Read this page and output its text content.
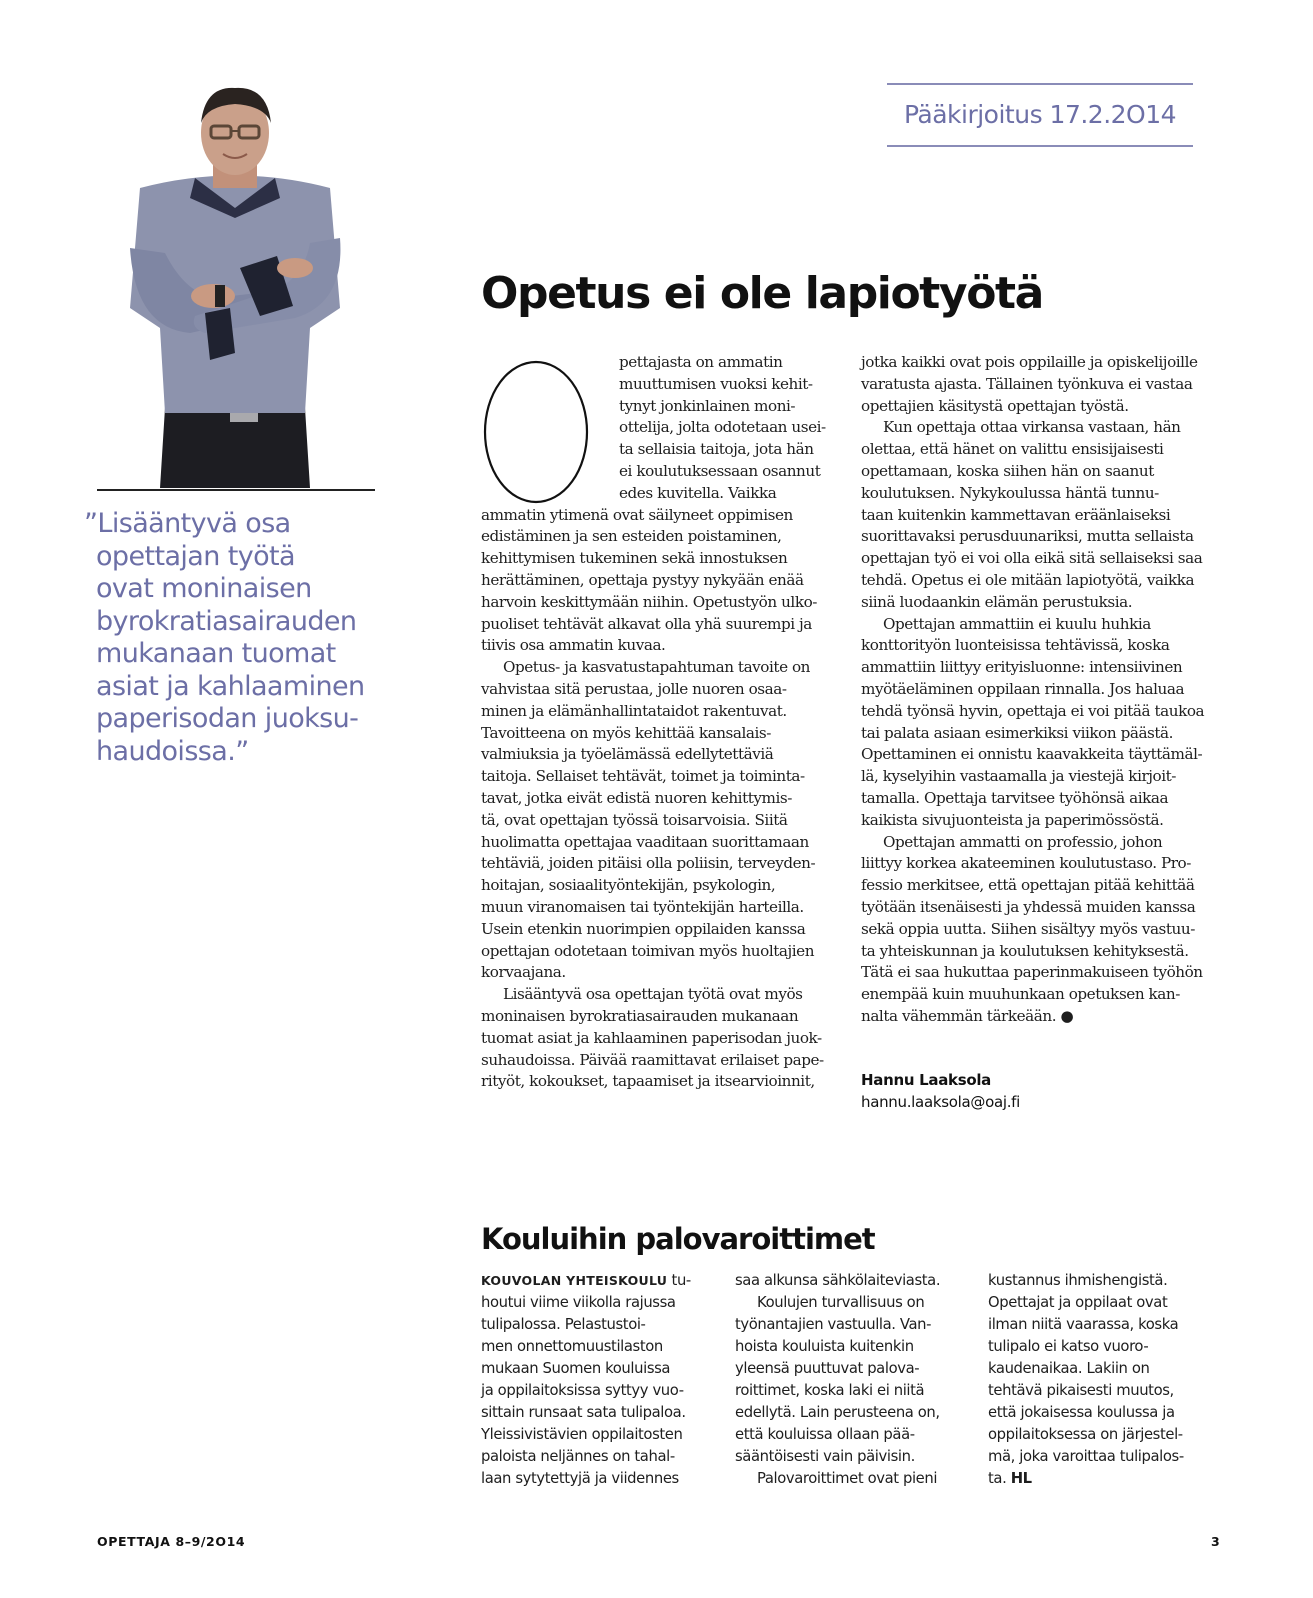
Pääkirjoitus 17.2.2O14
”Lisääntyvä osa
opettajan työtä
ovat moninaisen
byrokratiasairauden
mukanaan tuomat
asiat ja kahlaaminen
paperisodan juoksu-
haudoissa.”
Opetus ei ole lapiotyötä
pettajasta on ammatin
muuttumisen vuoksi kehit-
tynyt jonkinlainen moni-
ottelija, jolta odotetaan usei-
ta sellaisia taitoja, jota hän
ei koulutuksessaan osannut
edes kuvitella. Vaikka
ammatin ytimenä ovat säilyneet oppimisen
edistäminen ja sen esteiden poistaminen,
kehittymisen tukeminen sekä innostuksen
herättäminen, opettaja pystyy nykyään enää
harvoin keskittymään niihin. Opetustyön ulko-
puoliset tehtävät alkavat olla yhä suurempi ja
tiivis osa ammatin kuvaa.
Opetus- ja kasvatustapahtuman tavoite on
vahvistaa sitä perustaa, jolle nuoren osaa-
minen ja elämänhallintataidot rakentuvat.
Tavoitteena on myös kehittää kansalais-
valmiuksia ja työelämässä edellytettäviä
taitoja. Sellaiset tehtävät, toimet ja toiminta-
tavat, jotka eivät edistä nuoren kehittymis-
tä, ovat opettajan työssä toisarvoisia. Siitä
huolimatta opettajaa vaaditaan suorittamaan
tehtäviä, joiden pitäisi olla poliisin, terveyden-
hoitajan, sosiaalityöntekijän, psykologin,
muun viranomaisen tai työntekijän harteilla.
Usein etenkin nuorimpien oppilaiden kanssa
opettajan odotetaan toimivan myös huoltajien
korvaajana.
Lisääntyvä osa opettajan työtä ovat myös
moninaisen byrokratiasairauden mukanaan
tuomat asiat ja kahlaaminen paperisodan juok-
suhaudoissa. Päivää raamittavat erilaiset pape-
rityöt, kokoukset, tapaamiset ja itsearvioinnit,
jotka kaikki ovat pois oppilaille ja opiskelijoille
varatusta ajasta. Tällainen työnkuva ei vastaa
opettajien käsitystä opettajan työstä.
Kun opettaja ottaa virkansa vastaan, hän
olettaa, että hänet on valittu ensisijaisesti
opettamaan, koska siihen hän on saanut
koulutuksen. Nykykoulussa häntä tunnu-
taan kuitenkin kammettavan eräänlaiseksi
suorittavaksi perusduunariksi, mutta sellaista
opettajan työ ei voi olla eikä sitä sellaiseksi saa
tehdä. Opetus ei ole mitään lapiotyötä, vaikka
siinä luodaankin elämän perustuksia.
Opettajan ammattiin ei kuulu huhkia
konttorityön luonteisissa tehtävissä, koska
ammattiin liittyy erityisluonne: intensiivinen
myötäeläminen oppilaan rinnalla. Jos haluaa
tehdä työnsä hyvin, opettaja ei voi pitää taukoa
tai palata asiaan esimerkiksi viikon päästä.
Opettaminen ei onnistu kaavakkeita täyttämäl-
lä, kyselyihin vastaamalla ja viestejä kirjoit-
tamalla. Opettaja tarvitsee työhönsä aikaa
kaikista sivujuonteista ja paperimössöstä.
Opettajan ammatti on professio, johon
liittyy korkea akateeminen koulutustaso. Pro-
fessio merkitsee, että opettajan pitää kehittää
työtään itsenäisesti ja yhdessä muiden kanssa
sekä oppia uutta. Siihen sisältyy myös vastuu-
ta yhteiskunnan ja koulutuksen kehityksestä.
Tätä ei saa hukuttaa paperinmakuiseen työhön
enempää kuin muuhunkaan opetuksen kan-
nalta vähemmän tärkeään. ●
Hannu Laaksola
hannu.laaksola@oaj.fi
Kouluihin palovaroittimet
KOUVOLAN YHTEISKOULU tu-
houtui viime viikolla rajussa
tulipalossa. Pelastustoi-
men onnettomuustilaston
mukaan Suomen kouluissa
ja oppilaitoksissa syttyy vuo-
sittain runsaat sata tulipaloa.
Yleissivistävien oppilaitosten
paloista neljännes on tahal-
laan sytytettyjä ja viidennes
saa alkunsa sähkölaiteviasta.
Koulujen turvallisuus on
työnantajien vastuulla. Van-
hoista kouluista kuitenkin
yleensä puuttuvat palova-
roittimet, koska laki ei niitä
edellytä. Lain perusteena on,
että kouluissa ollaan pää-
sääntöisesti vain päivisin.
Palovaroittimet ovat pieni
kustannus ihmishengistä.
Opettajat ja oppilaat ovat
ilman niitä vaarassa, koska
tulipalo ei katso vuoro-
kaudenaikaa. Lakiin on
tehtävä pikaisesti muutos,
että jokaisessa koulussa ja
oppilaitoksessa on järjestel-
mä, joka varoittaa tulipalos-
ta. HL
OPETTAJA 8–9/2O14	3
